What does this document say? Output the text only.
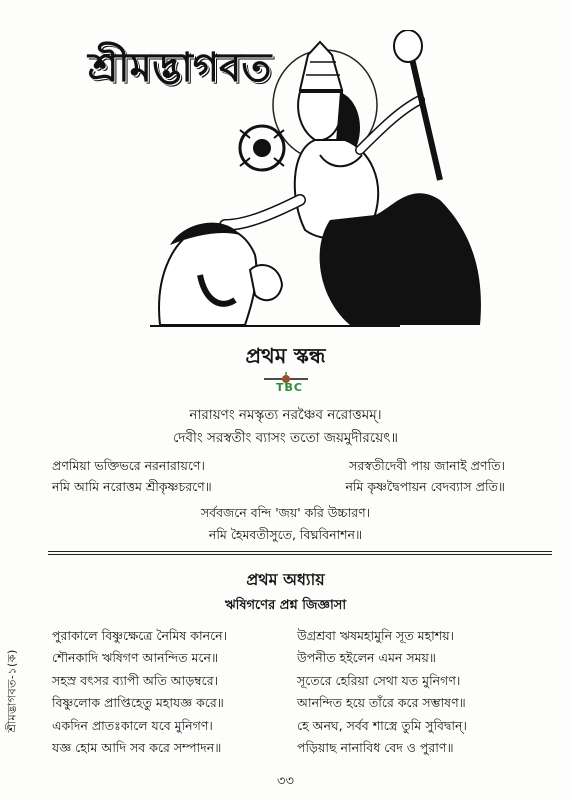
শ্রীমদ্ভাগবত-১(ক)
শ্রীমদ্ভাগবত
প্রথম স্কন্ধ
TBC
নারায়ণং নমস্কৃত্য নরঞ্চৈব নরোত্তমম্।
দেবীং সরস্বতীং ব্যাসং ততো জয়মুদীরয়েৎ॥
প্রণমিয়া ভক্তিভরে নরনারায়ণে।
নমি আমি নরোত্তম শ্রীকৃষ্ণচরণে॥
সরস্বতীদেবী পায় জানাই প্রণতি।
নমি কৃষ্ণদ্বৈপায়ন বেদব্যাস প্রতি॥
সর্ববজনে বন্দি 'জয়' করি উচ্চারণ।
নমি হৈমবতীসুতে, বিঘ্নবিনাশন॥
প্রথম অধ্যায়
ঋষিগণের প্রশ্ন জিজ্ঞাসা
পুরাকালে বিষ্ণুক্ষেত্রে নৈমিষ কাননে।
শৌনকাদি ঋষিগণ আনন্দিত মনে॥
সহস্র বৎসর ব্যাপী অতি আড়ম্বরে।
বিষ্ণুলোক প্রাপ্তিহেতু মহাযজ্ঞ করে॥
একদিন প্রাতঃকালে যবে মুনিগণ।
যজ্ঞ হোম আদি সব করে সম্পাদন॥
উগ্রশ্রবা ঋষমহামুনি সূত মহাশয়।
উপনীত হইলেন এমন সময়॥
সূতেরে হেরিয়া সেথা যত মুনিগণ।
আনন্দিত হয়ে তাঁরে করে সম্ভাষণ॥
হে অনঘ, সর্বব শাস্ত্রে তুমি সুবিদ্বান্।
পড়িয়াছ নানাবিধ বেদ ও পুরাণ॥
৩৩
